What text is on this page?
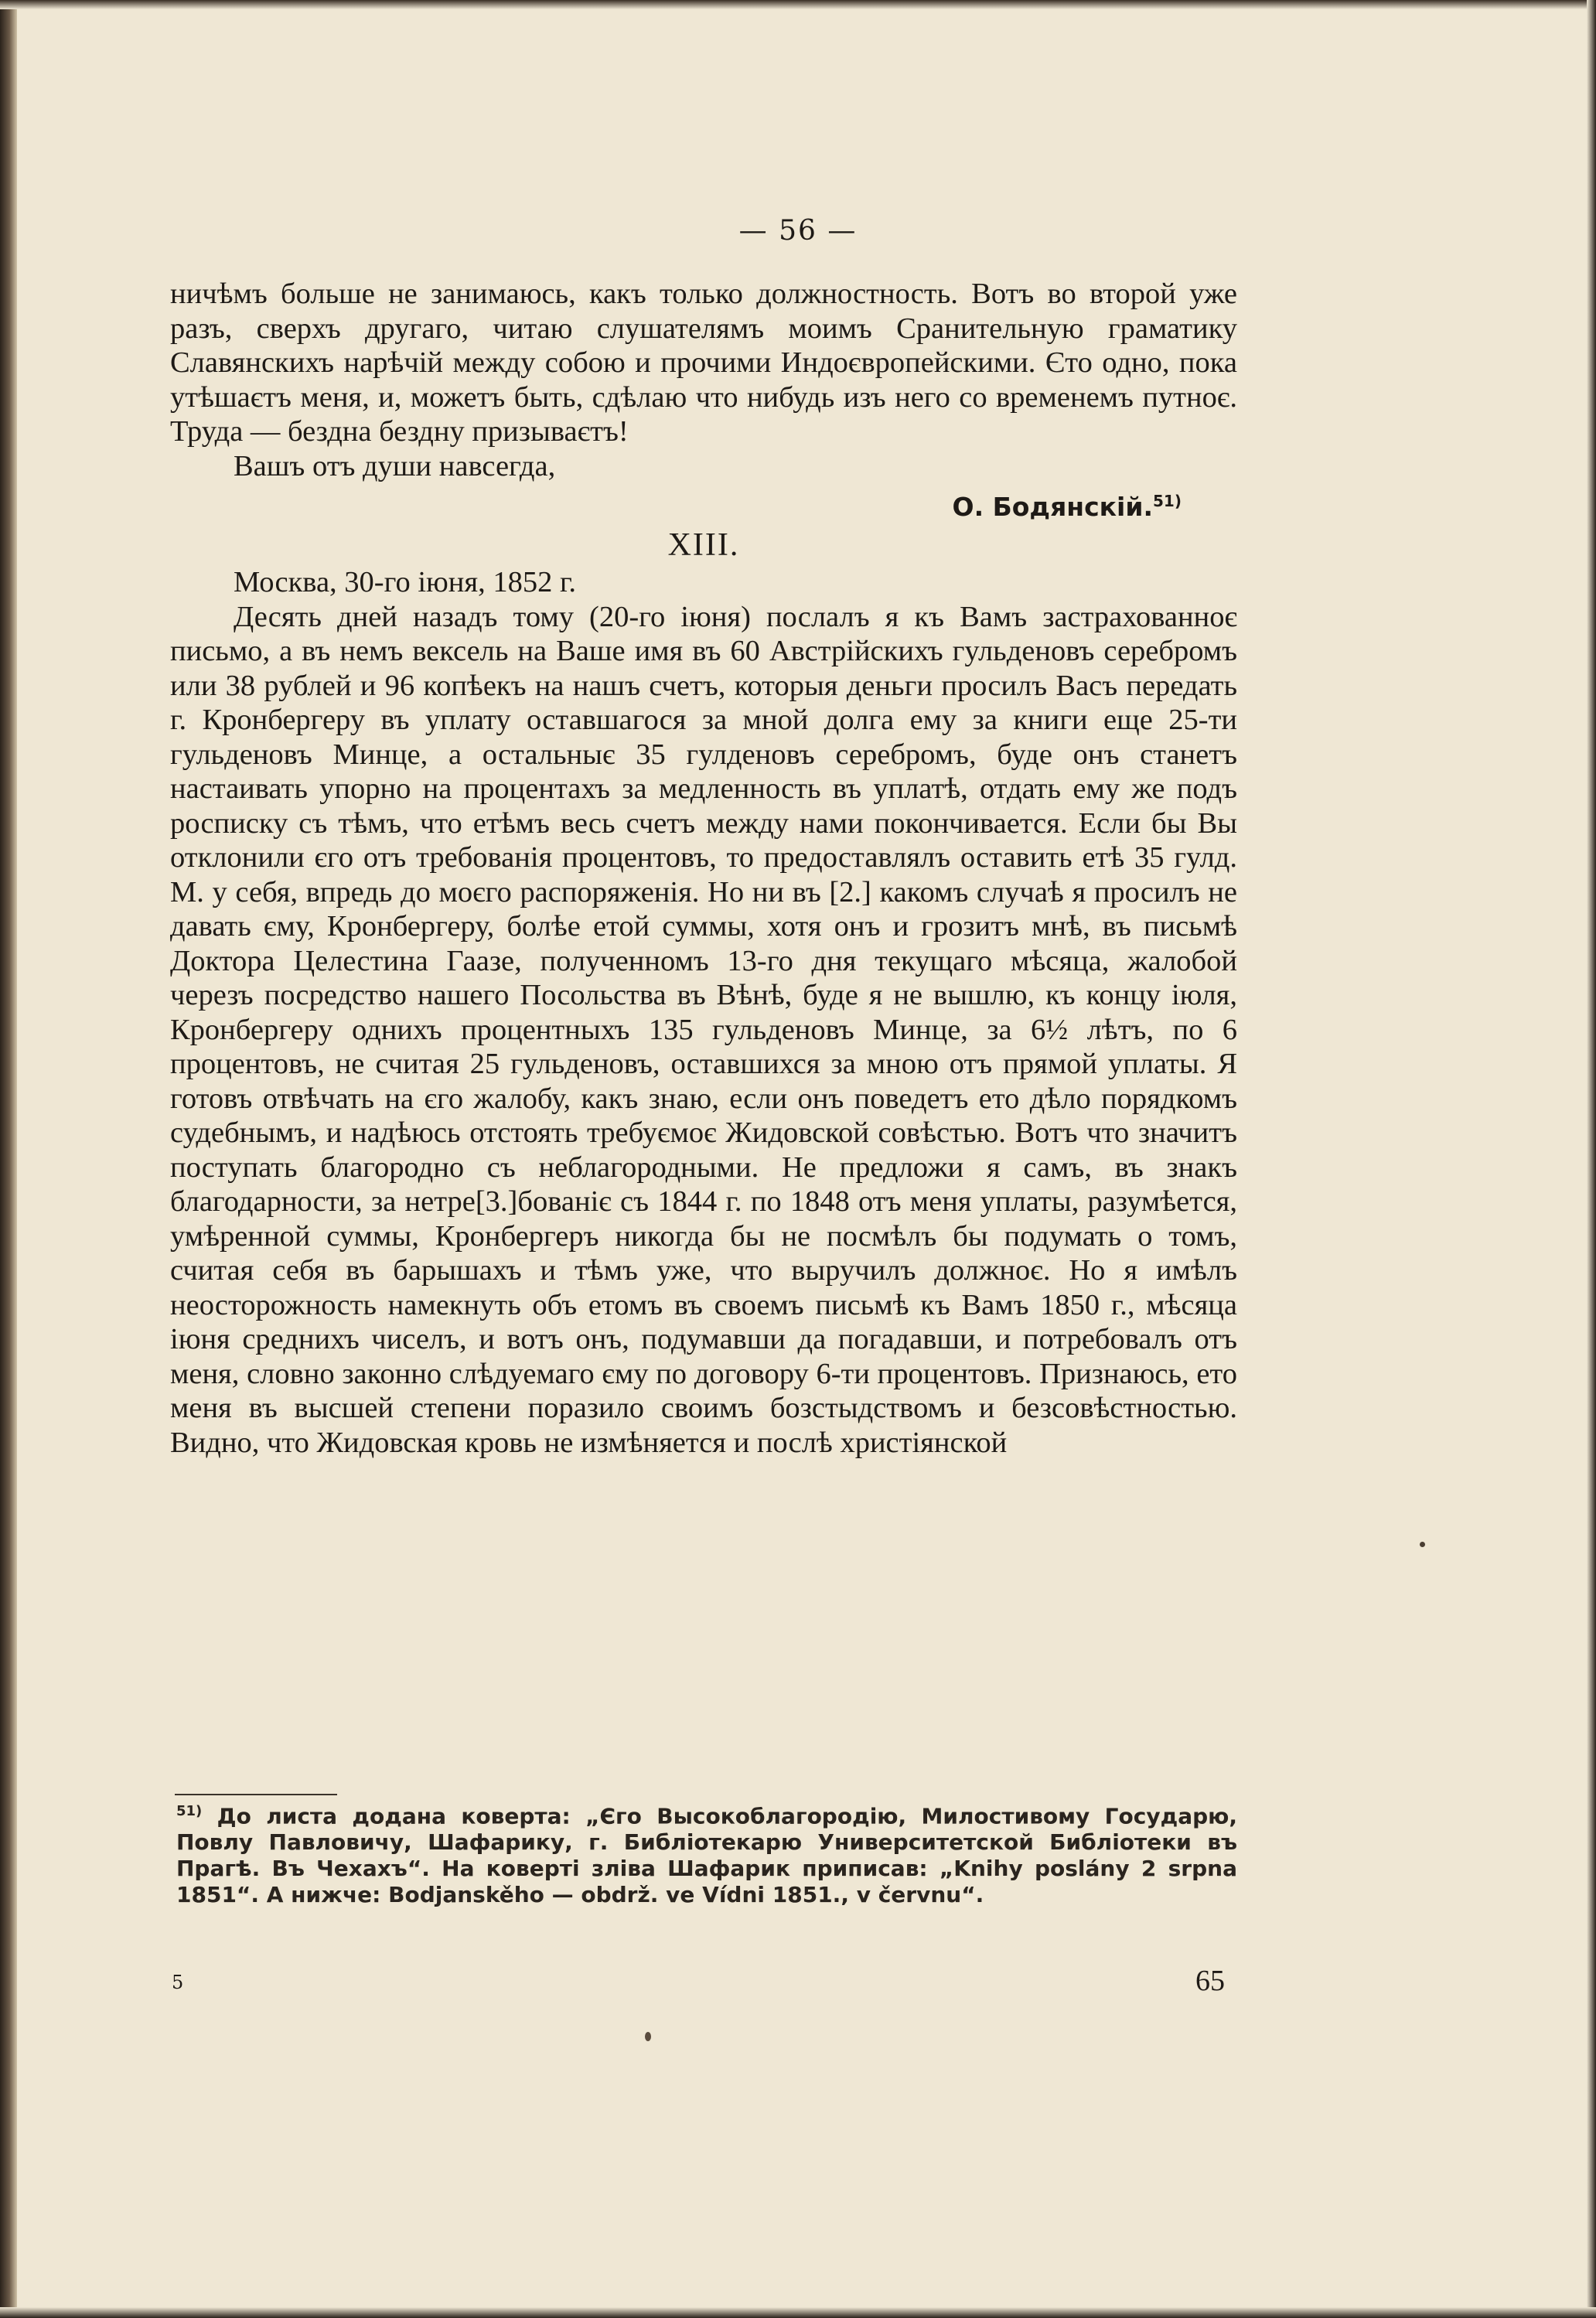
— 56 —

ничѣмъ больше не занимаюсь, какъ только должностность. Вотъ во второй уже разъ, сверхъ другаго, читаю слушателямъ моимъ Сранительную граматику Славянскихъ нарѣчій между собою и прочими Индоєвропейскими. Єто одно, пока утѣшаєтъ меня, и, можетъ быть, сдѣлаю что нибудь изъ него со временемъ путноє. Труда — бездна бездну призываєтъ!

Вашъ отъ души навсегда,

О. Бодянскій.$^{51)}$

XIII.

Москва, 30-го іюня, 1852 г.

Десять дней назадъ тому (20-го іюня) послалъ я къ Вамъ застрахованноє письмо, а въ немъ вексель на Ваше имя въ 60 Австрійскихъ гульденовъ серебромъ или 38 рублей и 96 копѣекъ на нашъ счетъ, которыя деньги просилъ Васъ передать г. Кронбергеру въ уплату оставшагося за мной долга ему за книги еще 25-ти гульденовъ Минце, а остальныє 35 гулденовъ серебромъ, буде онъ станетъ настаивать упорно на процентахъ за медленность въ уплатѣ, отдать ему же подъ росписку съ тѣмъ, что етѣмъ весь счетъ между нами покончивается. Если бы Вы отклонили єго отъ требованія процентовъ, то предоставлялъ оставить етѣ 35 гулд. М. у себя, впредь до моєго распоряженія. Но ни въ [2.] какомъ случаѣ я просилъ не давать єму, Кронбергеру, болѣе етой суммы, хотя онъ и грозитъ мнѣ, въ письмѣ Доктора Целестина Гаазе, полученномъ 13-го дня текущаго мѣсяца, жалобой черезъ посредство нашего Посольства въ Вѣнѣ, буде я не вышлю, къ концу іюля, Кронбергеру однихъ процентныхъ 135 гульденовъ Минце, за 6½ лѣтъ, по 6 процентовъ, не считая 25 гульденовъ, оставшихся за мною отъ прямой уплаты. Я готовъ отвѣчать на єго жалобу, какъ знаю, если онъ поведетъ ето дѣло порядкомъ судебнымъ, и надѣюсь отстоять требуємоє Жидовской совѣстью. Вотъ что значитъ поступать благородно съ неблагородными. Не предложи я самъ, въ знакъ благодарности, за нетре[3.]бованіє съ 1844 г. по 1848 отъ меня уплаты, разумѣется, умѣренной суммы, Кронбергеръ никогда бы не посмѣлъ бы подумать о томъ, считая себя въ барышахъ и тѣмъ уже, что выручилъ должноє. Но я имѣлъ неосторожность намекнуть объ етомъ въ своемъ письмѣ къ Вамъ 1850 г., мѣсяца іюня среднихъ чиселъ, и вотъ онъ, подумавши да погадавши, и потребовалъ отъ меня, словно законно слѣдуемаго єму по договору 6-ти процентовъ. Признаюсь, ето меня въ высшей степени поразило своимъ бозстыдствомъ и безсовѣстностью. Видно, что Жидовская кровь не измѣняется и послѣ христіянской

$^{51)}$ До листа додана коверта: „Єго Высокоблагородію, Милостивому Государю, Повлу Павловичу, Шафарику, г. Библіотекарю Университетской Библіотеки въ Прагѣ. Въ Чехахъ“. На коверті зліва Шафарик приписав: „Knihy poslány 2 srpna 1851“. А нижче: Bodjanskěho — obdrž. ve Vídni 1851., v červnu“.
5	65
